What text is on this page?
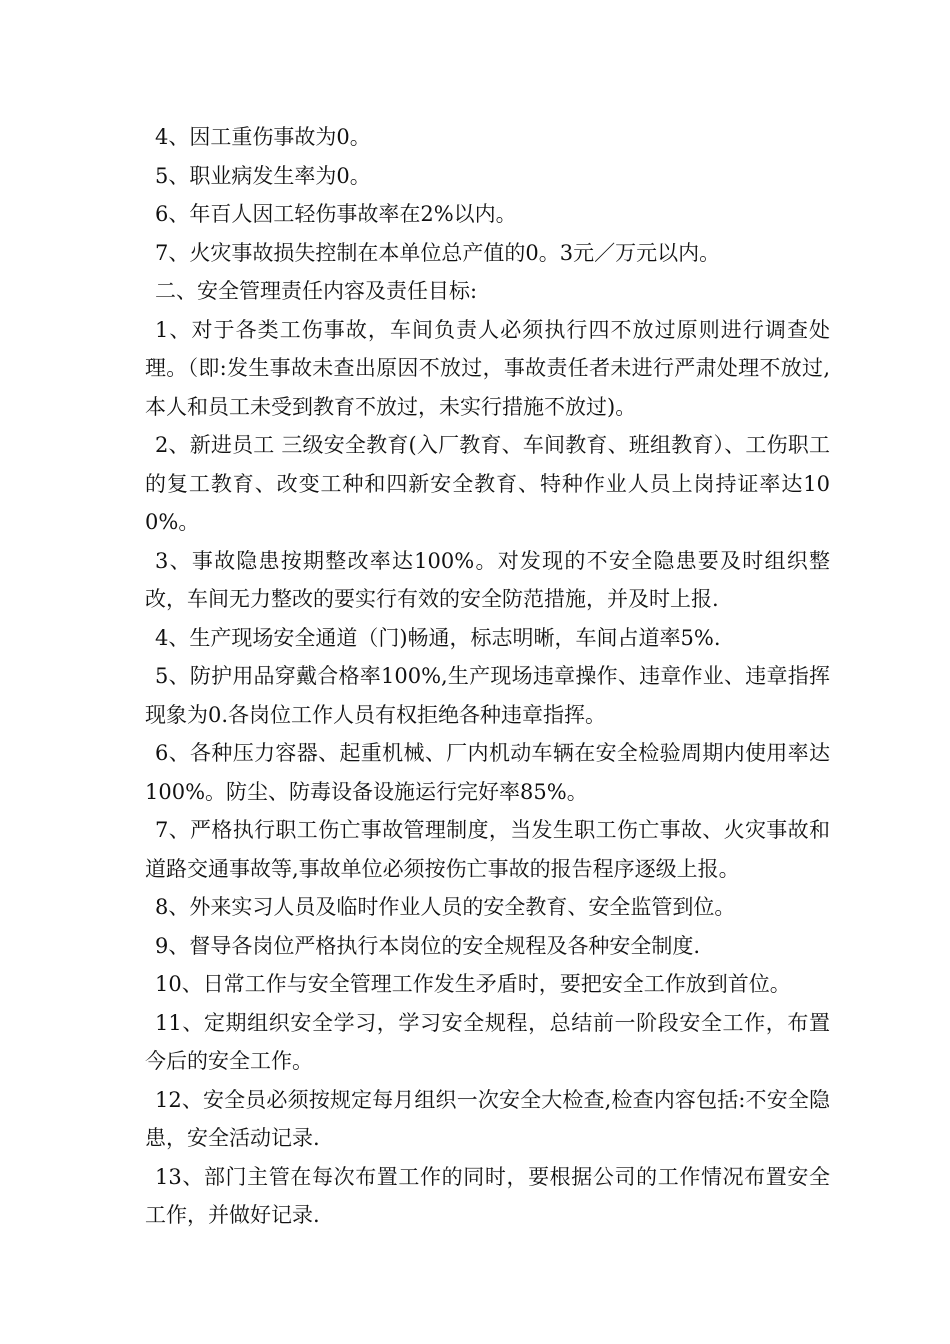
4、因工重伤事故为0。

5、职业病发生率为0。

6、年百人因工轻伤事故率在2%以内。

7、火灾事故损失控制在本单位总产值的0。3元／万元以内。

二、安全管理责任内容及责任目标:

1、对于各类工伤事故，车间负责人必须执行四不放过原则进行调查处理。（即:发生事故未查出原因不放过，事故责任者未进行严肃处理不放过,本人和员工未受到教育不放过，未实行措施不放过)。

2、新进员工 三级安全教育(入厂教育、车间教育、班组教育）、工伤职工的复工教育、改变工种和四新安全教育、特种作业人员上岗持证率达100%。

3、事故隐患按期整改率达100%。对发现的不安全隐患要及时组织整改，车间无力整改的要实行有效的安全防范措施，并及时上报.

4、生产现场安全通道（门)畅通，标志明晰，车间占道率5%.

5、防护用品穿戴合格率100%,生产现场违章操作、违章作业、违章指挥现象为0.各岗位工作人员有权拒绝各种违章指挥。

6、各种压力容器、起重机械、厂内机动车辆在安全检验周期内使用率达100%。防尘、防毒设备设施运行完好率85%。

7、严格执行职工伤亡事故管理制度，当发生职工伤亡事故、火灾事故和道路交通事故等,事故单位必须按伤亡事故的报告程序逐级上报。

8、外来实习人员及临时作业人员的安全教育、安全监管到位。

9、督导各岗位严格执行本岗位的安全规程及各种安全制度.

10、日常工作与安全管理工作发生矛盾时，要把安全工作放到首位。

11、定期组织安全学习，学习安全规程，总结前一阶段安全工作，布置今后的安全工作。

12、安全员必须按规定每月组织一次安全大检查,检查内容包括:不安全隐患，安全活动记录.

13、部门主管在每次布置工作的同时，要根据公司的工作情况布置安全工作，并做好记录.
